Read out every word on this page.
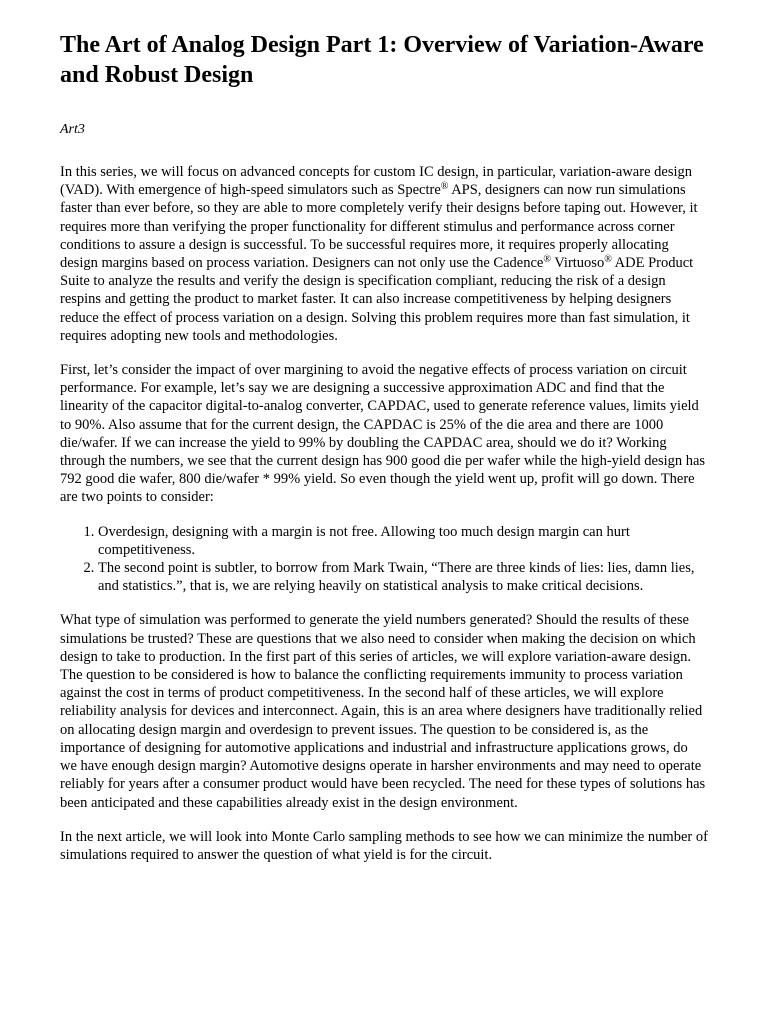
The Art of Analog Design Part 1: Overview of Variation-Aware and Robust Design
Art3

In this series, we will focus on advanced concepts for custom IC design, in particular, variation-aware design (VAD). With emergence of high-speed simulators such as Spectre® APS, designers can now run simulations faster than ever before, so they are able to more completely verify their designs before taping out. However, it requires more than verifying the proper functionality for different stimulus and performance across corner conditions to assure a design is successful. To be successful requires more, it requires properly allocating design margins based on process variation. Designers can not only use the Cadence® Virtuoso® ADE Product Suite to analyze the results and verify the design is specification compliant, reducing the risk of a design respins and getting the product to market faster. It can also increase competitiveness by helping designers reduce the effect of process variation on a design. Solving this problem requires more than fast simulation, it requires adopting new tools and methodologies.

First, let’s consider the impact of over margining to avoid the negative effects of process variation on circuit performance. For example, let’s say we are designing a successive approximation ADC and find that the linearity of the capacitor digital-to-analog converter, CAPDAC, used to generate reference values, limits yield to 90%. Also assume that for the current design, the CAPDAC is 25% of the die area and there are 1000 die/wafer. If we can increase the yield to 99% by doubling the CAPDAC area, should we do it? Working through the numbers, we see that the current design has 900 good die per wafer while the high-yield design has 792 good die wafer, 800 die/wafer * 99% yield. So even though the yield went up, profit will go down. There are two points to consider:

1. Overdesign, designing with a margin is not free. Allowing too much design margin can hurt competitiveness.
2. The second point is subtler, to borrow from Mark Twain, “There are three kinds of lies: lies, damn lies, and statistics.”, that is, we are relying heavily on statistical analysis to make critical decisions.

What type of simulation was performed to generate the yield numbers generated? Should the results of these simulations be trusted? These are questions that we also need to consider when making the decision on which design to take to production. In the first part of this series of articles, we will explore variation-aware design. The question to be considered is how to balance the conflicting requirements immunity to process variation against the cost in terms of product competitiveness. In the second half of these articles, we will explore reliability analysis for devices and interconnect. Again, this is an area where designers have traditionally relied on allocating design margin and overdesign to prevent issues. The question to be considered is, as the importance of designing for automotive applications and industrial and infrastructure applications grows, do we have enough design margin? Automotive designs operate in harsher environments and may need to operate reliably for years after a consumer product would have been recycled. The need for these types of solutions has been anticipated and these capabilities already exist in the design environment.

In the next article, we will look into Monte Carlo sampling methods to see how we can minimize the number of simulations required to answer the question of what yield is for the circuit.
